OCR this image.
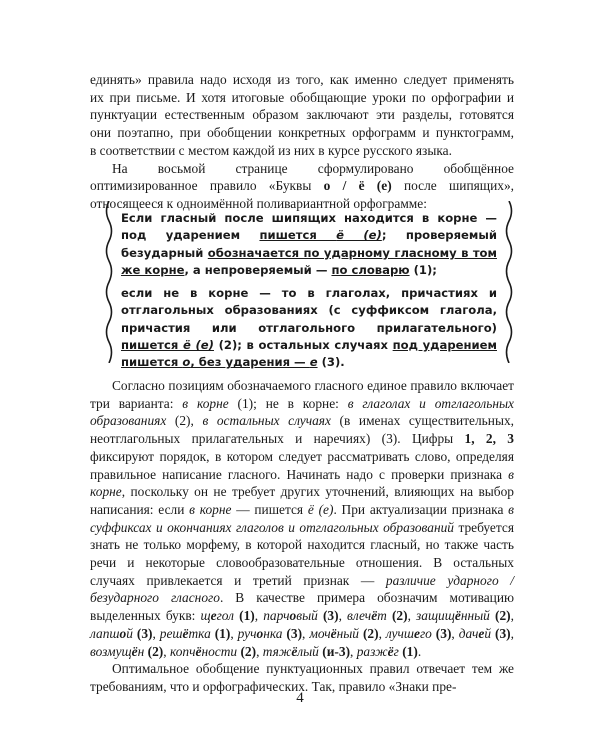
единять» правила надо исходя из того, как именно следует применять
их при письме. И хотя итоговые обобщающие уроки по орфографии и
пунктуации естественным образом заключают эти разделы, готовятся
они поэтапно, при обобщении конкретных орфограмм и пунктограмм,
в соответствии с местом каждой из них в курсе русского языка.

На восьмой странице сформулировано обобщённое оптимизированное правило «Буквы о / ё (е) после шипящих», относящееся к одноимённой поливариантной орфограмме:

Если гласный после шипящих находится в корне — под ударением пишется ё (е); проверяемый безударный обозначается по ударному гласному в том же корне, а непроверяемый — по словарю (1);

если не в корне — то в глаголах, причастиях и отглагольных образованиях (с суффиксом глагола, причастия или отглагольного прилагательного) пишется ё (е) (2); в остальных случаях под ударением пишется о, без ударения — е (3).

Согласно позициям обозначаемого гласного единое правило включает три варианта: в корне (1); не в корне: в глаголах и отглагольных образованиях (2), в остальных случаях (в именах существительных, неотглагольных прилагательных и наречиях) (3). Цифры 1, 2, 3 фиксируют порядок, в котором следует рассматривать слово, определяя правильное написание гласного. Начинать надо с проверки признака в корне, поскольку он не требует других уточнений, влияющих на выбор написания: если в корне — пишется ё (е). При актуализации признака в суффиксах и окончаниях глаголов и отглагольных образований требуется знать не только морфему, в которой находится гласный, но также часть речи и некоторые словообразовательные отношения. В остальных случаях привлекается и третий признак — различие ударного / безударного гласного. В качестве примера обозначим мотивацию выделенных букв: щегол (1), парчовый (3), влечёт (2), защищённый (2), лапшой (3), решётка (1), ручонка (3), мочёный (2), лучшего (3), дачей (3), возмущён (2), копчёности (2), тяжёлый (и-3), разжёг (1).

Оптимальное обобщение пунктуационных правил отвечает тем же требованиям, что и орфографических. Так, правило «Знаки пре-

4
